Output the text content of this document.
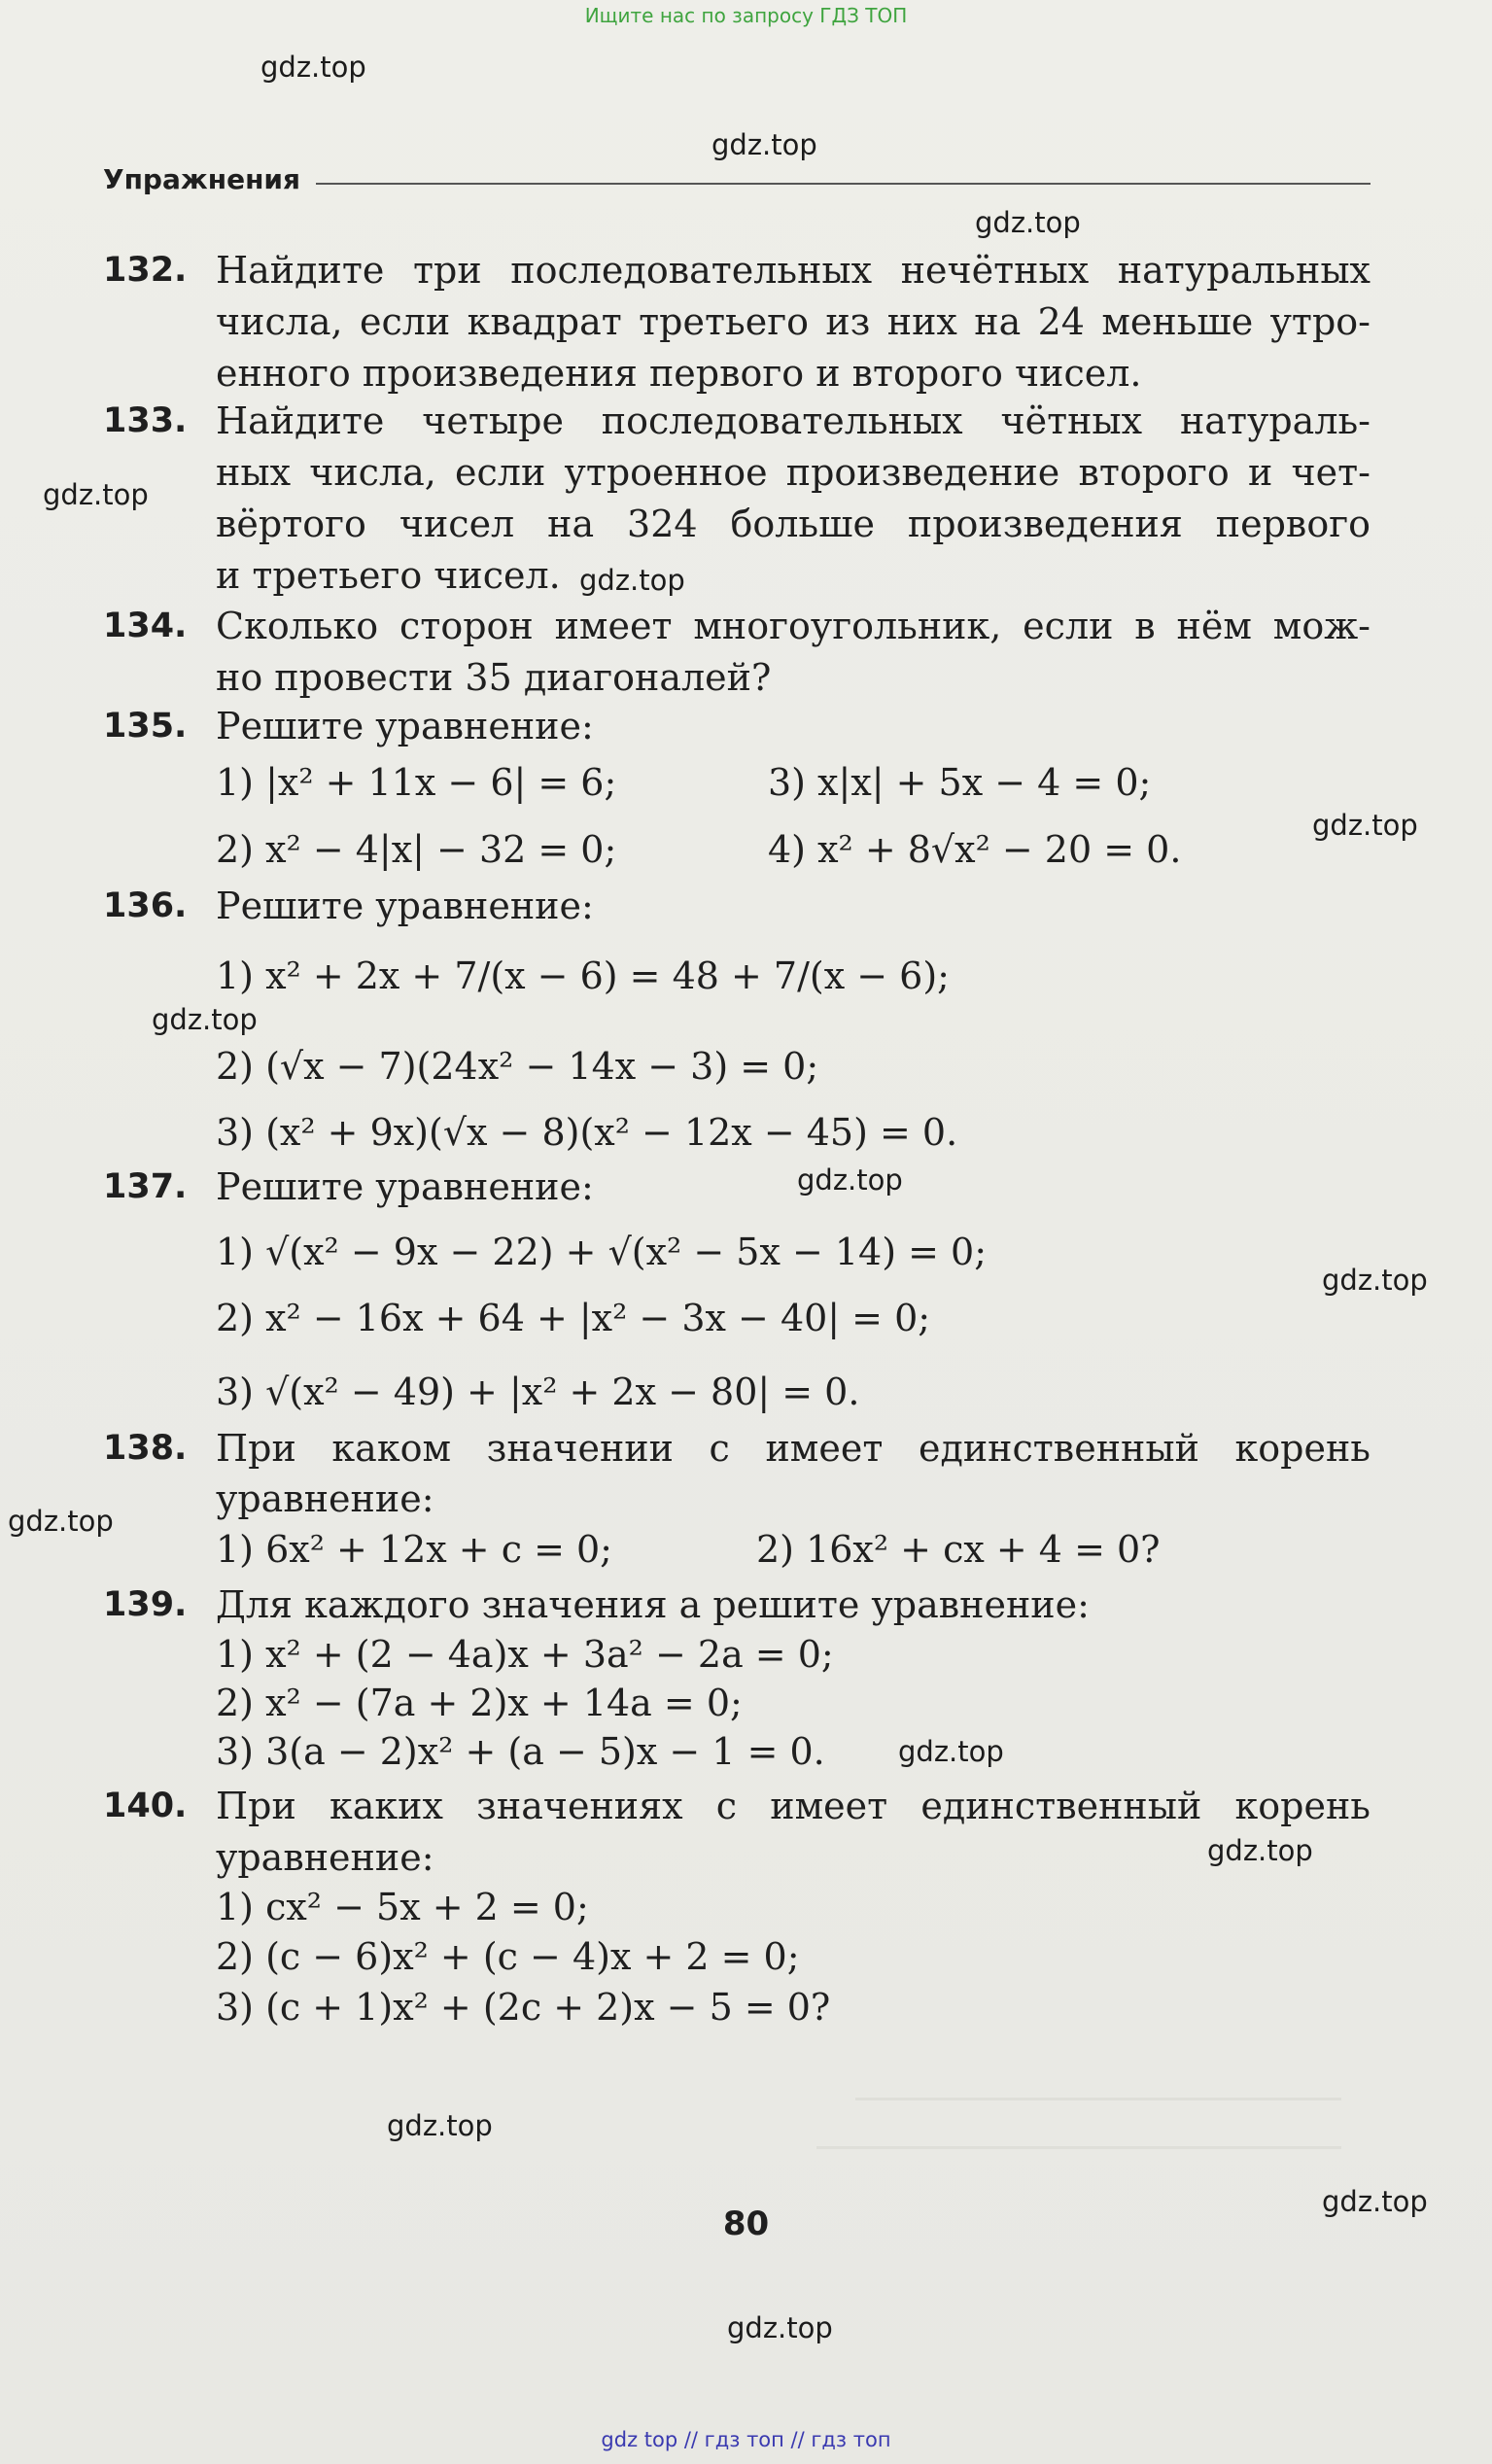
Ищите нас по запросу ГДЗ ТОП
gdz.top
gdz.top
gdz.top
gdz.top
gdz.top
gdz.top
gdz.top
gdz.top
gdz.top
gdz.top
gdz.top
gdz.top
gdz.top
gdz.top
gdz.top
Упражнения
132. Найдите три последовательных нечётных натуральных
числа, если квадрат третьего из них на 24 меньше утро-
енного произведения первого и второго чисел.
133. Найдите четыре последовательных чётных натураль-
ных числа, если утроенное произведение второго и чет-
вёртого чисел на 324 больше произведения первого
и третьего чисел.
134. Сколько сторон имеет многоугольник, если в нём мож-
но провести 35 диагоналей?
135. Решите уравнение:
1) |x² + 11x − 6| = 6;	3) x|x| + 5x − 4 = 0;
2) x² − 4|x| − 32 = 0;	4) x² + 8√x² − 20 = 0.
136. Решите уравнение:
1) x² + 2x + 7/(x − 6) = 48 + 7/(x − 6);
2) (√x − 7)(24x² − 14x − 3) = 0;
3) (x² + 9x)(√x − 8)(x² − 12x − 45) = 0.
137. Решите уравнение:
1) √(x² − 9x − 22) + √(x² − 5x − 14) = 0;
2) x² − 16x + 64 + |x² − 3x − 40| = 0;
3) √(x² − 49) + |x² + 2x − 80| = 0.
138. При каком значении c имеет единственный корень
уравнение:
1) 6x² + 12x + c = 0;	2) 16x² + cx + 4 = 0?
139. Для каждого значения a решите уравнение:
1) x² + (2 − 4a)x + 3a² − 2a = 0;
2) x² − (7a + 2)x + 14a = 0;
3) 3(a − 2)x² + (a − 5)x − 1 = 0.
140. При каких значениях c имеет единственный корень
уравнение:
1) cx² − 5x + 2 = 0;
2) (c − 6)x² + (c − 4)x + 2 = 0;
3) (c + 1)x² + (2c + 2)x − 5 = 0?
80
gdz top // гдз топ // гдз топ
